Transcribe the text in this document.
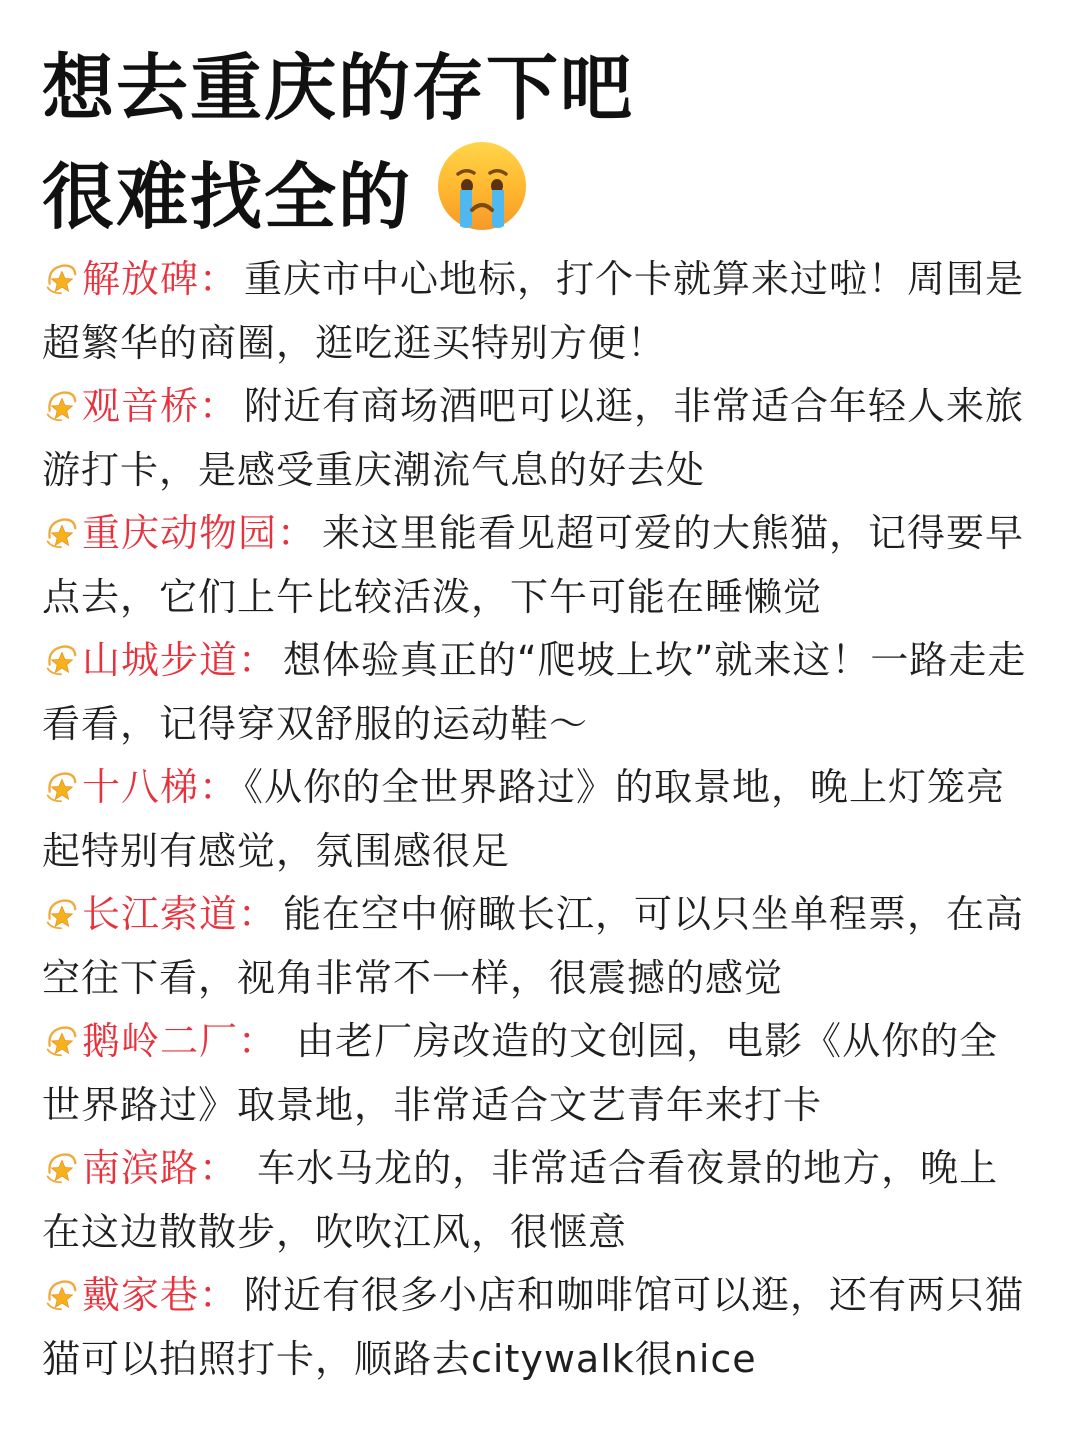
想去重庆的存下吧
很难找全的
解放碑： 重庆市中心地标，打个卡就算来过啦！周围是超繁华的商圈，逛吃逛买特别方便！
观音桥： 附近有商场酒吧可以逛，非常适合年轻人来旅游打卡，是感受重庆潮流气息的好去处
重庆动物园： 来这里能看见超可爱的大熊猫，记得要早点去，它们上午比较活泼，下午可能在睡懒觉
山城步道： 想体验真正的“爬坡上坎”就来这！一路走走看看，记得穿双舒服的运动鞋～
十八梯： 《从你的全世界路过》的取景地，晚上灯笼亮起特别有感觉，氛围感很足
长江索道： 能在空中俯瞰长江，可以只坐单程票，在高空往下看，视角非常不一样，很震撼的感觉
鹅岭二厂： 由老厂房改造的文创园，电影《从你的全世界路过》取景地，非常适合文艺青年来打卡
南滨路： 车水马龙的，非常适合看夜景的地方，晚上在这边散散步，吹吹江风，很惬意
戴家巷： 附近有很多小店和咖啡馆可以逛，还有两只猫猫可以拍照打卡，顺路去citywalk很nice
